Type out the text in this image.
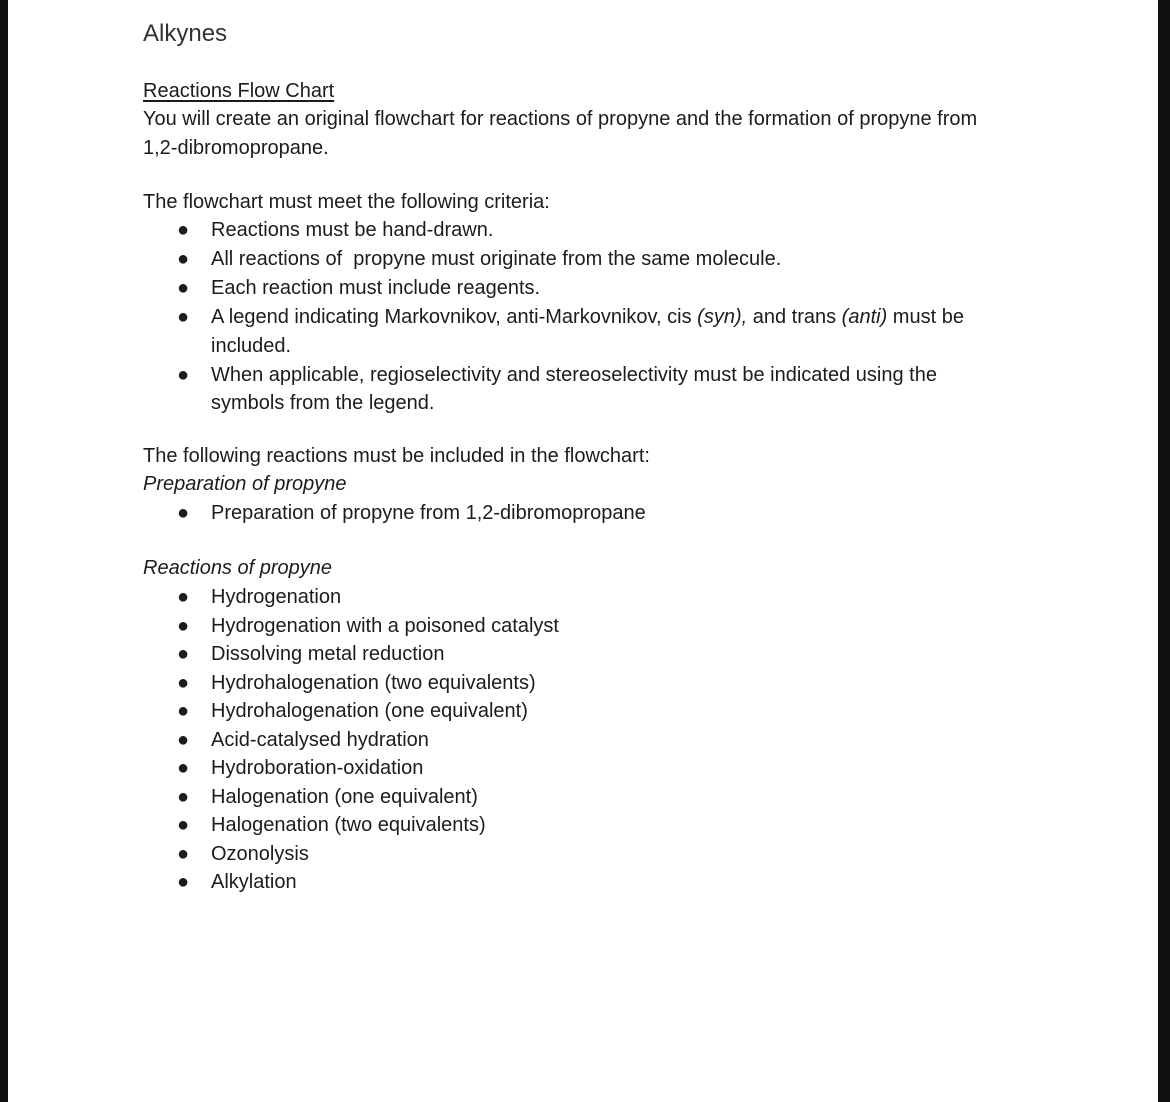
Alkynes
Reactions Flow Chart

You will create an original flowchart for reactions of propyne and the formation of propyne from 1,2-dibromopropane.

The flowchart must meet the following criteria:

● Reactions must be hand-drawn.
● All reactions of  propyne must originate from the same molecule.
● Each reaction must include reagents.
● A legend indicating Markovnikov, anti-Markovnikov, cis (syn), and trans (anti) must be included.
● When applicable, regioselectivity and stereoselectivity must be indicated using the symbols from the legend.

The following reactions must be included in the flowchart:

Preparation of propyne

● Preparation of propyne from 1,2-dibromopropane

Reactions of propyne

● Hydrogenation
● Hydrogenation with a poisoned catalyst
● Dissolving metal reduction
● Hydrohalogenation (two equivalents)
● Hydrohalogenation (one equivalent)
● Acid-catalysed hydration
● Hydroboration-oxidation
● Halogenation (one equivalent)
● Halogenation (two equivalents)
● Ozonolysis
● Alkylation
